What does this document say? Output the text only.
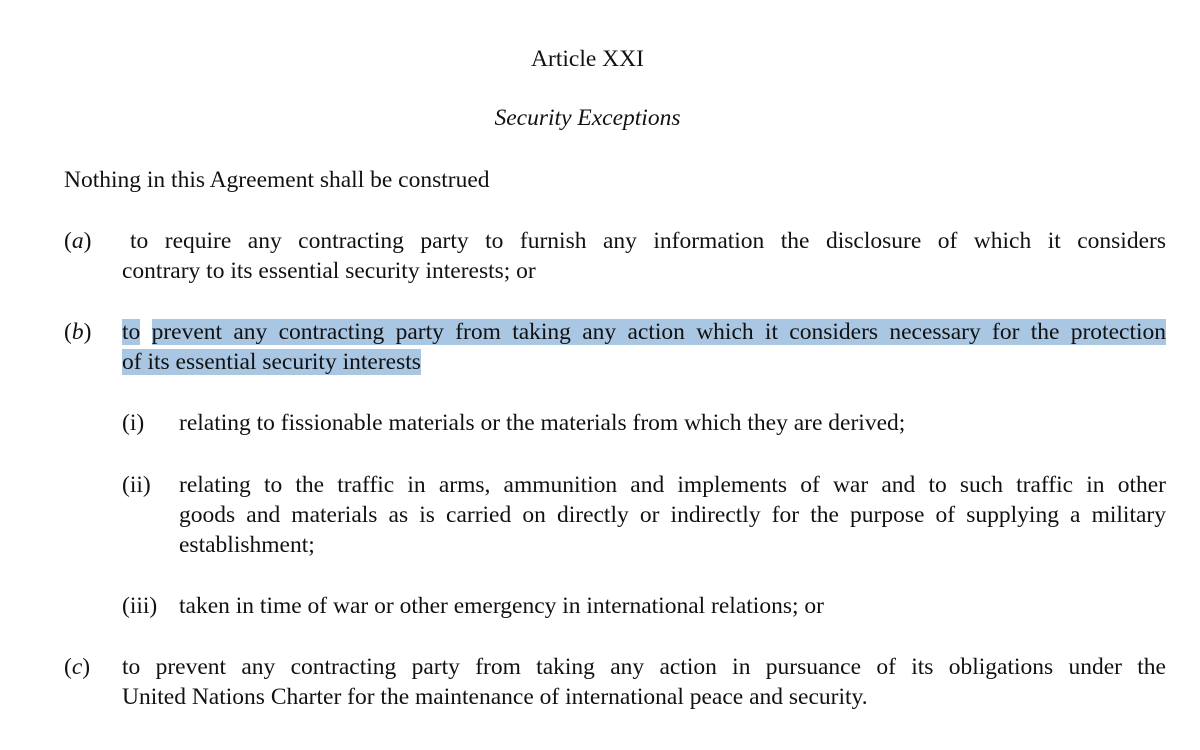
Article XXI
Security Exceptions
Nothing in this Agreement shall be construed
(a) to require any contracting party to furnish any information the disclosure of which it considers
contrary to its essential security interests; or
(b) to prevent any contracting party from taking any action which it considers necessary for the protection
of its essential security interests
(i) relating to fissionable materials or the materials from which they are derived;
(ii) relating to the traffic in arms, ammunition and implements of war and to such traffic in other
goods and materials as is carried on directly or indirectly for the purpose of supplying a military
establishment;
(iii) taken in time of war or other emergency in international relations; or
(c) to prevent any contracting party from taking any action in pursuance of its obligations under the
United Nations Charter for the maintenance of international peace and security.
